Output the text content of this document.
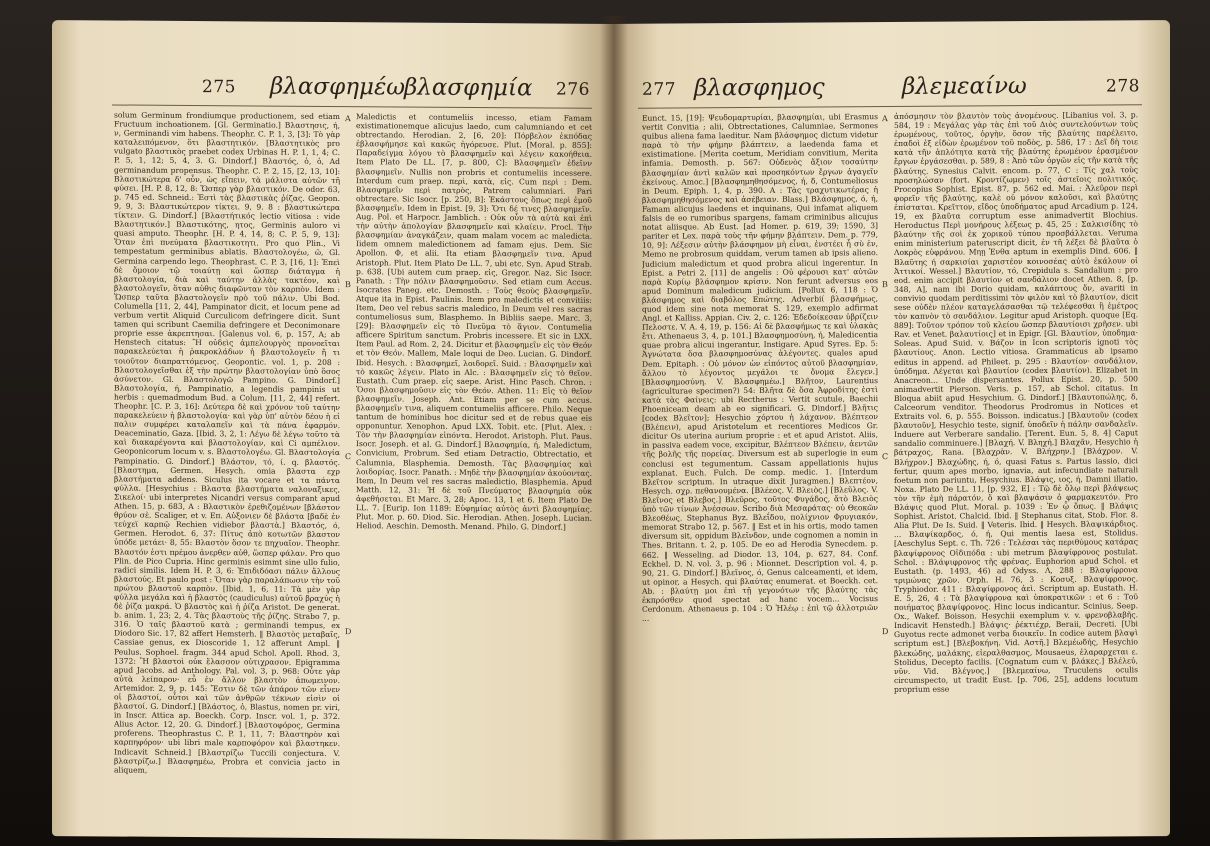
275 βλασφημέω
βλασφημία 276
solum Germinum frondiumque productionem, sed etiam Fructuum inchoationem. [Gl. Germinatio.] Βλαστησις, ή, ν, Germinandi vim habens. Theophr. C. P. 1, 3, [3]: Τὸ γὰρ καταλειπόμενον, ὅτι βλαστητικόν. [Βλαστητικὸς pro vulgato βλαστικὸς praebet codex Urbinas H. P. 1, 1, 4; C. P. 5, 1, 12; 5, 4, 3. G. Dindorf.] Βλαστός, ὁ, ὁ, Ad germinandum propensus. Theophr. C. P. 2, 15, [2, 13, 10]: Βλαστικώτερα δ' οὖν, ὡς εἴπειν, τὰ μάλιστα αὐτῶν τῆ φύσει. [H. P. 8, 12, 8: Ὥσπερ γὰρ βλαστικόν. De odor. 63, p. 745 ed. Schneid.: Ἐστὶ τὰς βλαστικὰς ῥίζας. Geopon. 9, 9, 3: Βλαστικώτερον τίκτει. 9, 9. 8 : βλαστικώτερα τίκτειν. G. Dindorf.] [Βλαστήτικός lectio vitiosa : vide Βλαστητικόν.] Βλαστικότης, ητος, Germinis auloro vi quasi amputo. Theophr. [H. P. 4, 14, 8; C. P. 5, 9, 13]: Ὅταν ἐπὶ πνεύματα βλαστικοτητι. Pro quo Plin., Vi tempestatum germinibus ablatis. Βλαστολογέω, ῶ, Gl. Germina carpendo lego. Theophrast. C. P. 3, [16, 1]: Ἐπεὶ δὲ ὅμοιον τῷ τοιαύτῃ καὶ ὥσπερ διάταγμα ἡ βλαστολογία, διὰ καὶ ταύτην ἀλλὰς τακτέον, καὶ βλαστολογεῖν, ὅταν αὐθις διαφῶνταν τὸν καρπὸν. Idem : Ὥσπερ ταῦτα βλαστολογεῖν πρὸ τοῦ πάλιν. Ubi Bod. Columella [11, 2, 44], Pampinator dicit, et locum pene ad verbum vertit Aliquid Curculicom defringere dicit. Sunt tamen qui scribunt Caemilia defringere et Deconimonare proprie esse ἀκρεπτησαι. [Galenus vol. 6, p. 157, A; ab Henstech citatus: Ἢ οὐδεὶς ἀμπελουργὸς προνοεῖται παρακελεύεται ἡ ῥακροκλάδων ἡ βλαστολογεῖν ἤ τι τοιοῦτον διαπραττόμενος. Geopontic. vol. 1, p. 208 : Βλαστολογεῖσθαι ἐξ τὴν πρώτην βλαστολογίαν ὑπὸ ὅσος ἀσύνετον. Gl. Βλαστολογῶ Pampino. G. Dindorf.] Βλαστολογία, ή, Pampinatio, a legendis pampinis ut herbis : quemadmodum Bud. a Colum. [11, 2, 44] refert. Theophr. [C. P. 3, 16]: Δεύτερα δὲ καὶ χρόνον τοῦ ταύτην παρακελεύειν ἡ βλαστολογία· καὶ γὰρ ὑπ' αὐτὸν δέου ἡ εἰ παλιν συμφέρει καταλαπεῖν καὶ τὰ πάνα ἐφαρμόν. Deaceminatio, Gaza. [Ibid. 3, 2, 1: Λέγω δὲ λέγω τοῦτο τὰ καὶ διακαρέγοντα καὶ βλαστολογίαν, καὶ Ci αμπέλιον. Geoponicorum locum v. s. Βλαστολογέω. Gl. Βλαστολογία Pampinatio. G. Dindorf.] Βλάστον, τό, ί. q. βλαστός. [Βλαστημα, Germen. Hesych. omia βλαστα εχρ βλαστήματα addens. Siculus ita vocare et τα πάντα φύλλα. [Hesychius : Βλαστα βλαστήματα ναλοναξικες, Σικελοί· ubi interpretes Nicandri versus comparant apud Athen. 15, p. 683, A : Βλαστικὸν ἐρεθιζομένων [βλάστον θρύον σὲ. Scaliger, et v. Επ. Αὐξονιεν δὲ βλάστα [βαδὲ ἐν τεύχεϊ καρπῷ Rechien vidiebor βλαστὰ.] Βλαστός, ό, Germen. Herodot. 6, 37: Πίτυς ἀπὸ κοτωτῶν βλαστον ὑπόδε μετάει· 8, 55: Βλαστὸν ὅσον τε πηχυαῖον. Theophr. Βλαστόν ἐστι πρέμου ἀνερθεν αὐθ, ὥσπερ φάλαν. Pro quo Plin. de Pico Cupria. Hinc germinis esimmt sine ullo fulio, radici similis. Idem H. P. 3, 6: Ἐπιδιδόασι πάλιν ἄλλους βλαστούς. Et paulo post : Ὅταν γὰρ παραλάπωσιν τὴν τοῦ πρώτου βλαστοῦ καρπὸν. [Ibid. 1, 6, 11: Τὰ μὲν γὰρ φύλλα μεγάλα καὶ ἡ βλαστὸς (caudiculus) αὐτοῦ βραχύς ἡ δὲ ῥίζα μακρά. Ὁ βλαστὸς καὶ ἡ ῥίζα Aristot. De generat. b. anim. 1, 23; 2, 4. Τὰς βλαστοὺς τῆς ῥίζης. Strabo 7, p. 316. Ὁ ταῖς βλαστοῦ κατὰ ; germinandi tempus, ex Diodoro Sic. 17, 82 affert Hemsterh. ‖ Βλαστὸς μεταβαῖς, Cassiae genus, ex Dioscoride 1, 12 afferunt Ampl. ‖ Peulus. Sophoel. fragm. 344 apud Schol. Apoll. Rhod. 3, 1372: Ἢ βλαστοὶ οὐκ ἔλασσον οὐτιχρασον. Epigramma apud Jacobs. ad Anthology. Pal. vol. 3, p. 968: Οὖτε γὰρ αὐτὰ λείπαρον· εὖ ἐν ἄλλον βλαστὸν ἀπωμεινον. Artemidor. 2, 9, p. 145: Ἔστιν δὲ τῶν ἀπάρον τῶν εἶνεν οἱ βλαστοί, οὗτοι καὶ τῶν ἀνθρῶν τέκνων εἰσὶν οἱ βλαστοί. G. Dindorf.] [Βλάστος, ὁ, Blastus, nomen pr. viri, in Inscr. Attica ap. Boeckh. Corp. Inscr. vol. 1, p. 372. Alius Actor. 12, 20. G. Dindorf.] [Βλαστοφόρος, Germina proferens. Theophrastus C. P. 1, 11, 7: Βλαστηρὸν καὶ καρπηφόρον· ubi libri male καρποφόρον καὶ βλαστηκεν. Indicavit Schneid.] [Βλαστρίζω Tuccili conjectura. V. βλαστρίζω.] Βλασφημέω, Probra et convicia jacto in aliquem,
A
B
C
D
Maledictis et contumeliis incesso, etiam Famam existimationemque alicujus laedo, cum calumniando et cet obtrectando. Herodian. 2, [6, 20]: Πόρβελον ἐκπόδας ἐβλασφήμησε καὶ κακῶς ἠγόρευσε. Plut. [Moral. p. 855]: Παραδείγμα λόγου τὸ βλασφημεῖν καὶ λέγειν κακοήθεια. Item Plato De LL. [7, p. 800, C]: Βλασφημεῖν ἐδεῖνν βλασφημεῖν. Nullis non probris et contumeliis incessere. Interdum cum praep. περὶ, κατὰ, εἰς. Cum περὶ : Dem. Βλασφημεῖν περὶ πατρὸς, Patrem calumniari. Pari obtrectare. Sic Isocr. [p. 250, B]: Ἑκάστους ὅπως περὶ ἐμοῦ βλασφημεῖν. Idem in Epist. [9, 3]: Ὅτι δέ τινες βλασφημεῖν. Aug. Pol. et Harpocr. Jamblich. : Οὐκ οὖν τὰ αὐτὰ καὶ ἐπὶ τὴν αὐτὴν ἀπολογίαν βλασφημεῖν καὶ κλαίειν. Procl. Τὴν βλασφημίαν ἀναγκάζειν, quam malam vocem ac maledicta. Iidem omnem maledictionem ad famam ejus. Dem. Sic Apollon. Φ, et alii. Ita etiam βλασφημεῖν τινα. Apud Aristoph. Plut. Item Plato De LL. 7, ubi etc. Syn. Apud Strab. p. 638. [Ubi autem cum praep. εἰς, Gregor. Naz. Sic Isocr. Panath. : Τὴν πόλιν βλασφημοῦσιν. Sed etiam cum Accus. Isocrates Paneg. etc. Demosth. : Τοὺς θεοὺς βλασφημεῖν. Atque ita in Epist. Paulinis. Item pro maledictis et convitiis: Item, Deo vel rebus sacris maledico, In Deum vel res sacras contumeliosus sum, Blasphemo. In Bibliis saepe. Marc. 3, [29]: Βλασφημεῖν εἰς τὸ Πνεῦμα τὸ ἅγιον. Contumelia afficere Spiritum sanctum. Probris incessere. Et sic in LXX. Item Paul. ad Rom. 2, 24. Dicitur et βλασφημεῖν εἰς τὸν Θεόν et τὸν Θεόν. Mallem, Male loqui de Deo. Lucian. G. Dindorf. Ibid. Hesych. : Βλασφημεῖ, λοιδορεῖ. Suid. : Βλασφημεῖν καὶ τὸ κακῶς λέγειν. Plato in Alc. : Βλασφημεῖν εἰς τὸ θεῖον. Eustath. Cum praep. εἰς saepe. Arist. Hinc Pasch. Chron. : Ὅσοι βλασφημοῦσιν εἰς τὸν Θεόν. Athen. 11: Εἰς τὸ θεῖον βλασφημεῖν. Joseph. Ant. Etiam per se cum accus. βλασφημεῖν τινα, aliquem contumeliis afficere. Philo. Neque tantum de hominibus hoc dicitur sed et de rebus quae eis opponuntur. Xenophon. Apud LXX. Tobit. etc. [Plut. Alex. : Τὸν τὴν βλασφημίαν εἰπόντα. Herodot. Aristoph. Plut. Paus. Isocr. Joseph. et al. G. Dindorf.] Βλασφημία, ή, Maledictum, Convicium, Probrum. Sed etiam Detractio, Obtrectatio, et Calumnia, Blasphemia. Demosth. Τὰς βλασφημίας καὶ λοιδορίας. Isocr. Panath. : Μηδὲ τὴν βλασφημίαν ἀκούοντας. Item, In Deum vel res sacras maledictio, Blasphemia. Apud Matth. 12, 31: Ἡ δὲ τοῦ Πνεύματος βλασφημία οὐκ ἀφεθήσεται. Et Marc. 3, 28; Apoc. 13, 1 et 6. Item Plato De LL. 7. [Eurip. Ion 1189: Εὐφημίας αὐτὸς ἀντὶ βλασφημίας. Plut. Mor. p. 60. Diod. Sic. Herodian. Athen. Joseph. Lucian. Heliod. Aeschin. Demosth. Menand. Philo. G. Dindorf.]
277 βλασφημος	βλεμεαίνω	278
Eunct. 15, [19]: Ψευδομαρτυρίαι, βλασφημίαι, ubi Erasmus vertit Convitia ; alii, Obtrectationes, Calumniae, Sermones quibus aliena fama laeditur. Nam βλάσφημος dictum videtur παρὰ τὸ τὴν φήμην βλάπτειν, a laedenda fama et existimatione. [Merita coetum, Meridiam convitium, Merita infamia. Demosth. p. 567: Οὐδενὸς ἄξιον τοσαύτην βλασφημίαν ἀντὶ καλῶν καὶ προσηκόντων ἔργων ἀγαγεῖν ἐκείνους. Amoc.] [Βλασφημηθησόμενος, ή, δ, Contumeliosus in Deum. Epiph. 1, 4, p. 390. A : Τὰς τραχυτικωτέρας ἡ βλασφημηθησόμενος καὶ ἀσέβειαν. Blass.] Βλάσφημος, ό, ή, Famam alicujus laedens et inquinans, Qui infamat aliquem falsis de eo rumoribus spargens, famam criminibus alicujus notat aliisque. Ab Eust. [ad Homer. p. 619, 39; 1590, 3] pariter et Lex. παρὰ τοὺς τῆν φήμην βλάπτειν. Dem. p. 779, 10, 9]: Λέξεσιν αὐτὴν βλάσφημον μὴ εἶναι, ἐνστέει ἦ σὺ ἐν, Memo ne probrosum quiddam, verum tamen ab ipsis alieno. Judicium maledictum et quod probra alicui ingerentur. In Epist. a Petri 2, [11] de angelis : Οὐ φέρουσι κατ' αὐτῶν παρὰ Κυρίῳ βλάσφημον κρίσιν. Non ferunt adversus eos apud Dominum maledicum judicium. [Pollux 6, 118 : Ὁ βλάσφημος καὶ διαβόλος Επώτης. Adverbiί βλασφήμως, quod idem sine nota memorat S. 129, exemplo adfirmat Angl. et Kalliss. Appian. Civ. 2, c. 126: Ἐδεδοίκεσαν ὑβρίζειν Πελοστε. V. A. 4, 19, p. 156: Αἱ δὲ βλασφήμως τε καὶ ὑλακὰς ἔτι. Athenaeus 3, 4, p. 101.] Βλασφημοσύνη, ή, Maledicentia quae probra alicui ingerantur, Instigare. Apud Syres. Ep. 5: Ἀγνώτατα ὅσα βλασφημοσύνας ἀλέγοντες. quales apud Dem. Epitaph. : Οὐ μόνον ὡν εἰπόντος αὐτοῦ βλασφημίαν, ἄλλου τὸ λέγοντος μεγάλοι τε ὄνομα ἔλεγεν.] [Βλασφημοσύνη. V. Βλασφημέω.] Βλῆτον, Laurentius (agriculturae specimen?) 54: Βλῆτα δὲ ὅσα Ἀφροδίτης ἐστὶ κατὰ τὰς Φαίνεις: ubi Rectherus : Vertit scutule, Baechii Phoeniceam deam ab eo significari. G. Dindorf.] Βλῆτις [codex Βλεῖτον]; Hesychio χόρτου ἡ λάχανον. Βλέπτεον (Βλέπειν), apud Aristotelum et recentiores Medicos Gr. dicitur Os uterina aurium proprie : et et apud Aristot. Aliis, in passiva eadem voce, excipitur, Βλέπτεον Βλέπειν, ἀεντῶν τῆς βολῆς τῆς πορείας. Diversum est ab superlogie in eum conclusi est tegumentum. Cassam appellationis hujus explanat. Euch. Fulch. De comp. medic. 1. [Interdum Βλεῖτον scriptum. In utraque dixit Juragmen.] Βλεπτέον, Hesych. σχρ. πεθανουμένα. [Βλέεος. V. Βλειὸς.] [Βλεῦλος. V. Βλεῖνος et Βλεβος.] Βλεῦρος, τοῦτος Φυγάδος, ἄτὸ Βλειὸς ὑπὸ τῶν τίνων Ἀνέσσων. Scribo διὰ Μεσαράτας· οὐ Θεοκῶν Βλεοθέως. Stephanus Byz. Βλεΐδου, πολίχνιον Φρυγιακόν, memorat Strabo 12, p. 567. ‖ Est et in his ortis, modo tamen diversum sit, oppidum Βλεῖνδον, unde cognomen a nomin in Thes. Britann. t. 2, p. 105. De eo ad Herodia Synecdem. p. 662. ‖ Wesseling. ad Diodor. 13, 104, p. 627, 84. Conf. Eckhel. D. N. vol. 3, p. 96 : Mionnet. Description vol. 4, p. 90, 21. G. Dindorf.] Βλεῖνος, ό, Genus calceamenti, et idem, ut opinor, a Hesych. qui βλαύτας enumerat. et Boeckh. cet. Ab. : βλαύτῃ μοι ἐπὶ τῇ γεγονότων τῆς βλαύτης τὰς ἐκπρόσθεν quod spectat ad hanc vocem... Vocisus Cerdonum. Athenaeus p. 104 : Ὁ Ἠλέῳ : ἐπὶ τῷ ἀλλοτριῶν ...
A
B
C
D
ἀπόσμησιν τὸν βλαυτὸν τοὺς ἀνομένους. [Libanius vol. 3, p. 584, 19 : Μεγάλας γὰρ τὰς ἐπὶ τοῦ Διὸς συντελούντων τοὺς ἐρωμένους, τοῦτος, ὀργὴν, ὅσον τῆς βλαύτης παρέλειτο, ἐπαδοὶ ἐξ εἰδὼν ἐρωμένον τοῦ ποδὸς, p. 586, 17 : Δεῖ δὴ τοιε κατὰ τῆν ἀπλότητα κατὰ τῆς βλαύτης ἐρωμένον ἐρασμένον ἔργων ἐργάσεσθαι. p. 589, 8 : Ἀπὸ τῶν ὀργῶν εἰς τῆν κατὰ τῆς βλαύτης. Synesius Calvit. encom. p. 77, C : Τίς χαλ τοὺς προσηλώσαν (fort. Κροντίζωμεν) τοῖς ἀστεῖοις πολιτικός. Procopius Sophist. Epist. 87, p. 562 ed. Mai. : Ἀλεῦρον περὶ φορεῖν τῆς βλαύτης, καλὲ οὐ μόνον καλοῦσι, καὶ βλαύτης ἐπίσταται. Κρεῖττον, εἴδος ὑποδήματος apud Arcadium p. 124, 19, ex βλαῦτα corruptum esse animadvertit Blochius. Heroductus Περὶ μονήρους λέξεως p. 45, 25 : Σαλκισίδης τὸ βλαύτην τῆς σοὶ ἐκ χορικοῦ τύπου προσβάλλεται. Veruma enim ministerium pateruscript dicit, ἐν τῆ λέξει δὲ βλαῦτα ὁ Λοκρὸς εὐφράνου. Μηῃ Ἐνθα aptum in exemplis Dind. 606. ‖ Βλαῦτης ή σαρκισίαι χαριστέον κοινοσέας αὐτὸ ἐκάλουν οἱ Ἀττικοί. Wessel.] Βλαυτίον, τό, Crepidula s. Sandalium : pro eod. enim accipit βλαυτίον et σανδάλιον docet Athen. 8, [p. 348, A], nam ibi Dorio quidam, καλάπτους ὄν, avariti in convivio quodam perditissimi τὸν φιλὸν καὶ τὸ βλαυτίον, dicit sese οὐδὲν πλέον καταγελάσασθαι τῷ τελέφεσθαι ἢ ἐμέτρος τὸν καπνὸν τὸ σανδάλιον. Legitur apud Aristoph. quoque [Eq. 889]: Τοῦτον τρόπον τοῦ κλείου ὥσπερ βλαυτίοισι χρῆσεν. ubi Rav. et Venet. βαλαυτίοις] et in Epigr. [Gl. Βλαυτίον, ὑποδημα· Soleas. Apud Suid. v. Βάζον in Icon scriptoris ignoti τὸς βλαυτίους. Anon. Lectio vitiosa. Grammaticus ab ipsamo editus in append. ad Phileet. p. 295 : Βλαυτίον· σανδάλιον, ὑπόδημα. Λέγεται καὶ βλαυτίον (codex βλαυτίον). Elizabet in Anacreon... Unde dispersantes. Pollux Epist. 20, p. 500 animadvertit Pierson. Veris. p. 157, ab Schol. citatus. In Bloqua abiit apud Hesychium. G. Dindorf.] [Βλαυτοπώλης, δ, Calceorum venditor. Theodorus Prodromus in Notices et Extraits vol. 6, p. 555. Boisson. indicatus.] [Βλαυτοῦν (codex βλαυτοῦν], Hesychio teste, signif. ὑποδεῖν ἡ πάλην σανδαλεῖν. Induere aut Verberare sandalio. [Terent. Eun. 5, 8, 4] Caput sandalio comminuere.] [Βλαχή. V. Βληχή.] Βλαχᾶν, Hesychio ἡ βάτραχος, Rana. [Βλαχρὰν. V. Βλήχρην.] [Βλάχρον. V. Βλήχρον.] Βλαχώδης, ή, ό, quasi Fatus s. Partus lassio, dici fertur, quum apes morbo, ignavia, aut infecundiate naturali foetum non pariuntu, Hesychius. Βλάψις, ιος, ή, Damni illatio, Noxa. Plato De LL. 11, [p. 932, E] : Τῷ δὲ ὅλῳ περὶ βλάψεως τὸν τῆν ἐμὴ πάρατόν, ὅ καὶ βλαψάσιν ὁ φαρμακευτόν. Pro Βλάψις quod Plut. Moral. p. 1039 : Ἐν ᾧ ὅπως. ‖ Βλάψις Sophist. Aristot. Chalcid. Ibid. ‖ Stephanus citat, Stob. Flor. 8. Alia Plut. De Is. Suid. ‖ Veteris. Ibid. ‖ Hesych. Βλαψικάρδιος. ... Βλαψίκαρδος, ό, ή, Qui mentis laesa est, Stolidus. [Aeschylus Sept. c. Th. 726 : Τελέσαι τὰς περιθύμους κατάρας βλαψίφρονος Οἰδιπόδα : ubi metrum βλαψίφρονος postulat. Schol. : Βλάψιφρονος τῆς φρένας. Euphorion apud Schol. et Eustath. (p. 1493, 46) ad Odyss. Λ, 288 : Βλαψίφρονα τριμώνας χρῶν. Orph. H. 76, 3 : Κοσυξ. Βλαψίφρονος. Tryphiodor. 411 : Βλαψίφρονος ἀεὶ. Scriptum ap. Eustath. H. E. 5, 26, 4 : Τὰ βλαψίφρονα καὶ ὑποκρατικῶν : et 6 : Τοῦ ποιήματος βλαψίφρονος. Hinc locus indicantur. Scinius, Seep. Ox., Wakef. Boisson. Hesychii exemplum v. v. φρενοβλαβῆς. Indicavit Henstedh.] Βλάψις· ῥέκτιέχρ, Beraii, Decreti. [Ubi Guyotus recte admonet verba διοικεῖν. In codice autem βλαψὶ scriptum est.] [Βλεβοκήνη. Vid. Αστῆ.] Βλεμέωδής, Hesychio βλεκώδης, μαλάκης, εἰεραλθασμος, Mousaeus, ἑλαραρχεται ε. Stolidus, Decepto facilis. [Cognatum cum v. βλάκες.] Βλέλεὐ, νῦν. Vid. Βλέγνος.] [Βλεμεαίνω, Truculens oculis circumspecto, ut tradit Eust. [p. 706, 25], addens locutum proprium esse
